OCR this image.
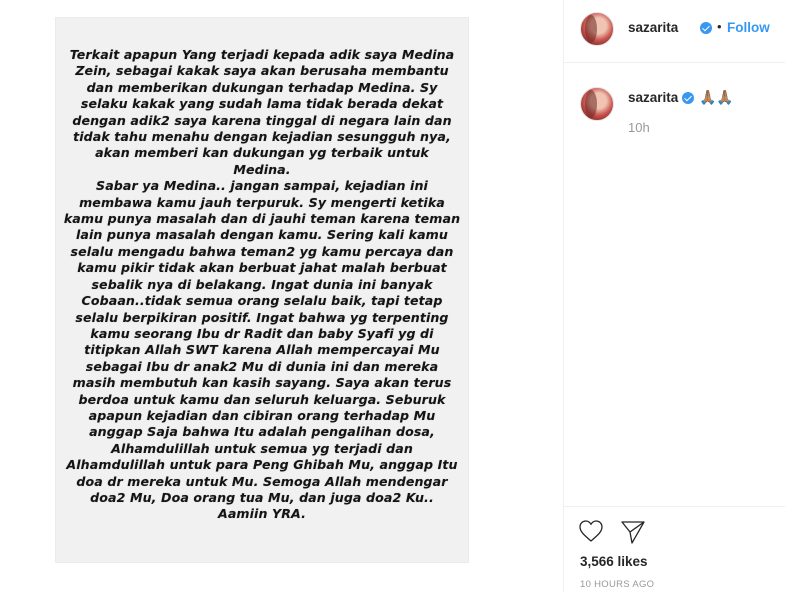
Terkait apapun Yang terjadi kepada adik saya Medina
Zein, sebagai kakak saya akan berusaha membantu
dan memberikan dukungan terhadap Medina. Sy
selaku kakak yang sudah lama tidak berada dekat
dengan adik2 saya karena tinggal di negara lain dan
tidak tahu menahu dengan kejadian sesungguh nya,
akan memberi kan dukungan yg terbaik untuk
Medina.
Sabar ya Medina.. jangan sampai, kejadian ini
membawa kamu jauh terpuruk. Sy mengerti ketika
kamu punya masalah dan di jauhi teman karena teman
lain punya masalah dengan kamu. Sering kali kamu
selalu mengadu bahwa teman2 yg kamu percaya dan
kamu pikir tidak akan berbuat jahat malah berbuat
sebalik nya di belakang. Ingat dunia ini banyak
Cobaan..tidak semua orang selalu baik, tapi tetap
selalu berpikiran positif. Ingat bahwa yg terpenting
kamu seorang Ibu dr Radit dan baby Syafi yg di
titipkan Allah SWT karena Allah mempercayai Mu
sebagai Ibu dr anak2 Mu di dunia ini dan mereka
masih membutuh kan kasih sayang. Saya akan terus
berdoa untuk kamu dan seluruh keluarga. Seburuk
apapun kejadian dan cibiran orang terhadap Mu
anggap Saja bahwa Itu adalah pengalihan dosa,
Alhamdulillah untuk semua yg terjadi dan
Alhamdulillah untuk para Peng Ghibah Mu, anggap Itu
doa dr mereka untuk Mu. Semoga Allah mendengar
doa2 Mu, Doa orang tua Mu, dan juga doa2 Ku..
Aamiin YRA.
sazarita	• Follow
sazarita 🙏🏽🙏🏽
10h
3,566 likes
10 HOURS AGO
